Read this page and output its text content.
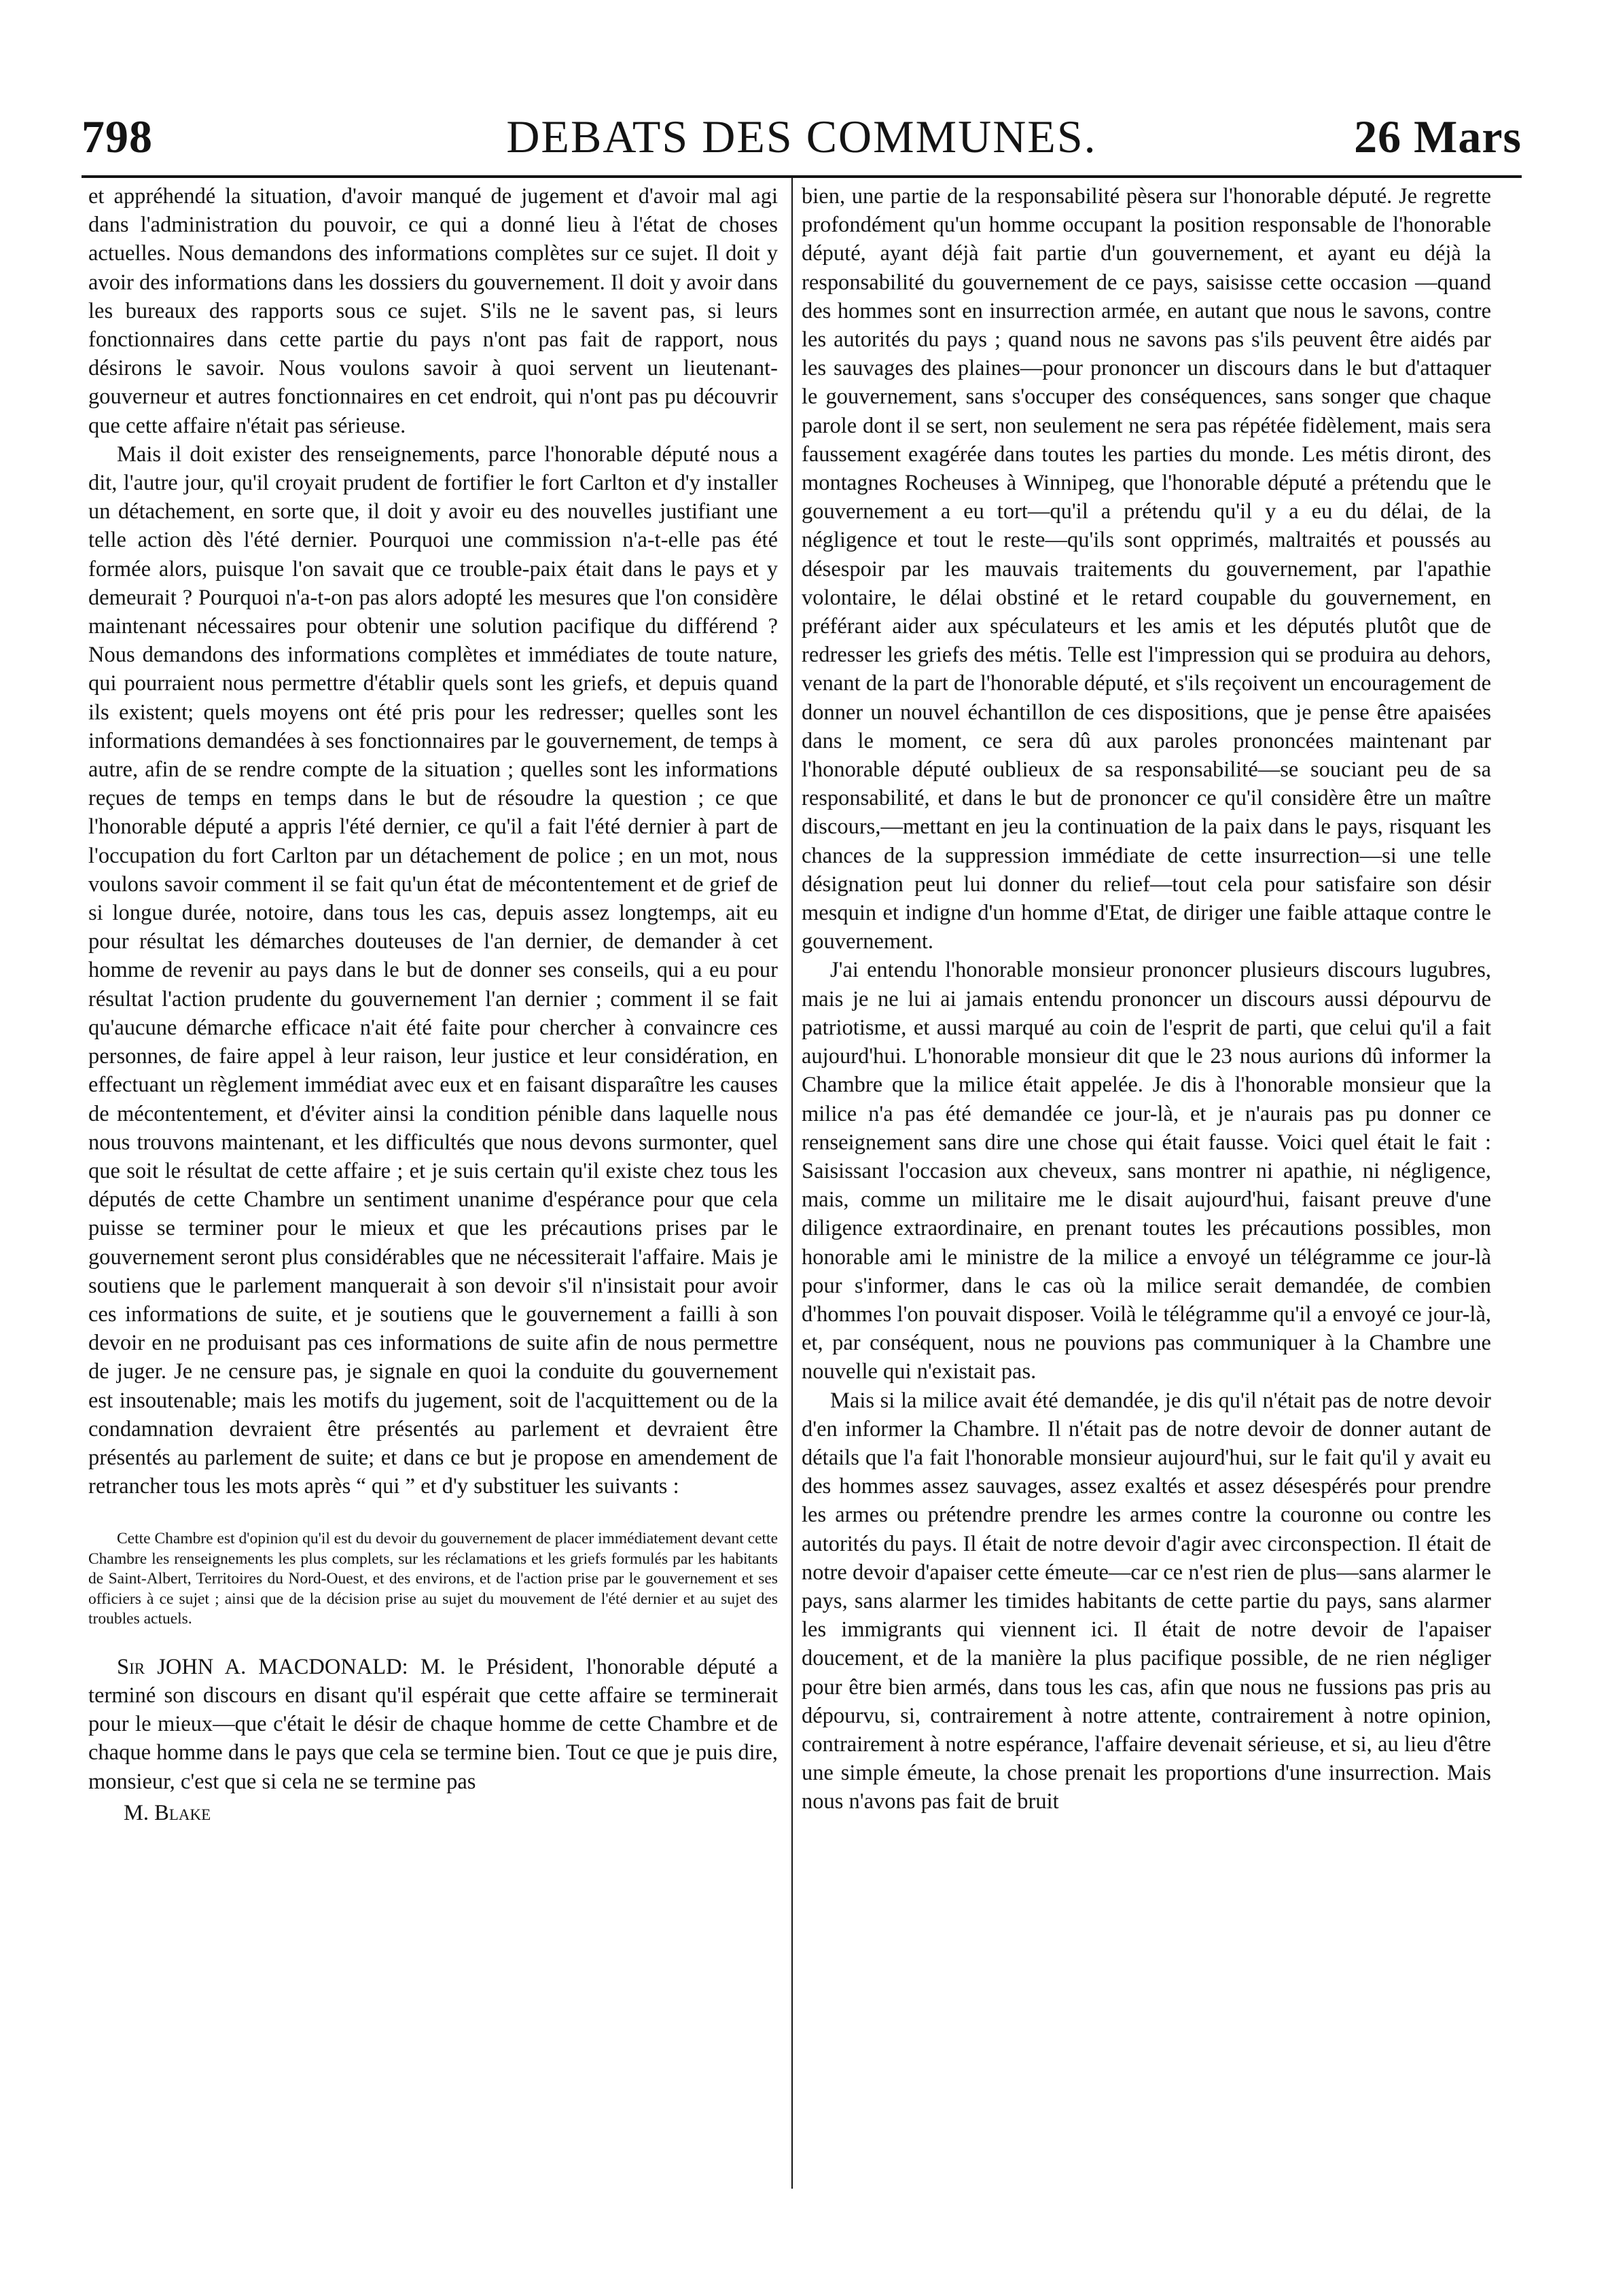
798	DEBATS DES COMMUNES.	26 Mars

et appréhendé la situation, d'avoir manqué de jugement et d'avoir mal agi dans l'administration du pouvoir, ce qui a donné lieu à l'état de choses actuelles. Nous demandons des informations complètes sur ce sujet. Il doit y avoir des informations dans les dossiers du gouvernement. Il doit y avoir dans les bureaux des rapports sous ce sujet. S'ils ne le savent pas, si leurs fonctionnaires dans cette partie du pays n'ont pas fait de rapport, nous désirons le savoir. Nous voulons savoir à quoi servent un lieutenant-gouverneur et autres fonctionnaires en cet endroit, qui n'ont pas pu découvrir que cette affaire n'était pas sérieuse.

Mais il doit exister des renseignements, parce l'honorable député nous a dit, l'autre jour, qu'il croyait prudent de fortifier le fort Carlton et d'y installer un détachement, en sorte que, il doit y avoir eu des nouvelles justifiant une telle action dès l'été dernier. Pourquoi une commission n'a-t-elle pas été formée alors, puisque l'on savait que ce trouble-paix était dans le pays et y demeurait ? Pourquoi n'a-t-on pas alors adopté les mesures que l'on considère maintenant nécessaires pour obtenir une solution pacifique du différend ? Nous demandons des informations complètes et immédiates de toute nature, qui pourraient nous permettre d'établir quels sont les griefs, et depuis quand ils existent; quels moyens ont été pris pour les redresser; quelles sont les informations demandées à ses fonctionnaires par le gouvernement, de temps à autre, afin de se rendre compte de la situation ; quelles sont les informations reçues de temps en temps dans le but de résoudre la question ; ce que l'honorable député a appris l'été dernier, ce qu'il a fait l'été dernier à part de l'occupation du fort Carlton par un détachement de police ; en un mot, nous voulons savoir comment il se fait qu'un état de mécontentement et de grief de si longue durée, notoire, dans tous les cas, depuis assez longtemps, ait eu pour résultat les démarches douteuses de l'an dernier, de demander à cet homme de revenir au pays dans le but de donner ses conseils, qui a eu pour résultat l'action prudente du gouvernement l'an dernier ; comment il se fait qu'aucune démarche efficace n'ait été faite pour chercher à convaincre ces personnes, de faire appel à leur raison, leur justice et leur considération, en effectuant un règlement immédiat avec eux et en faisant disparaître les causes de mécontentement, et d'éviter ainsi la condition pénible dans laquelle nous nous trouvons maintenant, et les difficultés que nous devons surmonter, quel que soit le résultat de cette affaire ; et je suis certain qu'il existe chez tous les députés de cette Chambre un sentiment unanime d'espérance pour que cela puisse se terminer pour le mieux et que les précautions prises par le gouvernement seront plus considérables que ne nécessiterait l'affaire. Mais je soutiens que le parlement manquerait à son devoir s'il n'insistait pour avoir ces informations de suite, et je soutiens que le gouvernement a failli à son devoir en ne produisant pas ces informations de suite afin de nous permettre de juger. Je ne censure pas, je signale en quoi la conduite du gouvernement est insoutenable; mais les motifs du jugement, soit de l'acquittement ou de la condamnation devraient être présentés au parlement et devraient être présentés au parlement de suite; et dans ce but je propose en amendement de retrancher tous les mots après “ qui ” et d'y substituer les suivants :

Cette Chambre est d'opinion qu'il est du devoir du gouvernement de placer immédiatement devant cette Chambre les renseignements les plus complets, sur les réclamations et les griefs formulés par les habitants de Saint-Albert, Territoires du Nord-Ouest, et des environs, et de l'action prise par le gouvernement et ses officiers à ce sujet ; ainsi que de la décision prise au sujet du mouvement de l'été dernier et au sujet des troubles actuels.

Sir JOHN A. MACDONALD: M. le Président, l'honorable député a terminé son discours en disant qu'il espérait que cette affaire se terminerait pour le mieux—que c'était le désir de chaque homme de cette Chambre et de chaque homme dans le pays que cela se termine bien. Tout ce que je puis dire, monsieur, c'est que si cela ne se termine pas

M. Blake

bien, une partie de la responsabilité pèsera sur l'honorable député. Je regrette profondément qu'un homme occupant la position responsable de l'honorable député, ayant déjà fait partie d'un gouvernement, et ayant eu déjà la responsabilité du gouvernement de ce pays, saisisse cette occasion —quand des hommes sont en insurrection armée, en autant que nous le savons, contre les autorités du pays ; quand nous ne savons pas s'ils peuvent être aidés par les sauvages des plaines—pour prononcer un discours dans le but d'attaquer le gouvernement, sans s'occuper des conséquences, sans songer que chaque parole dont il se sert, non seulement ne sera pas répétée fidèlement, mais sera faussement exagérée dans toutes les parties du monde. Les métis diront, des montagnes Rocheuses à Winnipeg, que l'honorable député a prétendu que le gouvernement a eu tort—qu'il a prétendu qu'il y a eu du délai, de la négligence et tout le reste—qu'ils sont opprimés, maltraités et poussés au désespoir par les mauvais traitements du gouvernement, par l'apathie volontaire, le délai obstiné et le retard coupable du gouvernement, en préférant aider aux spéculateurs et les amis et les députés plutôt que de redresser les griefs des métis. Telle est l'impression qui se produira au dehors, venant de la part de l'honorable député, et s'ils reçoivent un encouragement de donner un nouvel échantillon de ces dispositions, que je pense être apaisées dans le moment, ce sera dû aux paroles prononcées maintenant par l'honorable député oublieux de sa responsabilité—se souciant peu de sa responsabilité, et dans le but de prononcer ce qu'il considère être un maître discours,—mettant en jeu la continuation de la paix dans le pays, risquant les chances de la suppression immédiate de cette insurrection—si une telle désignation peut lui donner du relief—tout cela pour satisfaire son désir mesquin et indigne d'un homme d'Etat, de diriger une faible attaque contre le gouvernement.

J'ai entendu l'honorable monsieur prononcer plusieurs discours lugubres, mais je ne lui ai jamais entendu prononcer un discours aussi dépourvu de patriotisme, et aussi marqué au coin de l'esprit de parti, que celui qu'il a fait aujourd'hui. L'honorable monsieur dit que le 23 nous aurions dû informer la Chambre que la milice était appelée. Je dis à l'honorable monsieur que la milice n'a pas été demandée ce jour-là, et je n'aurais pas pu donner ce renseignement sans dire une chose qui était fausse. Voici quel était le fait : Saisissant l'occasion aux cheveux, sans montrer ni apathie, ni négligence, mais, comme un militaire me le disait aujourd'hui, faisant preuve d'une diligence extraordinaire, en prenant toutes les précautions possibles, mon honorable ami le ministre de la milice a envoyé un télégramme ce jour-là pour s'informer, dans le cas où la milice serait demandée, de combien d'hommes l'on pouvait disposer. Voilà le télégramme qu'il a envoyé ce jour-là, et, par conséquent, nous ne pouvions pas communiquer à la Chambre une nouvelle qui n'existait pas.

Mais si la milice avait été demandée, je dis qu'il n'était pas de notre devoir d'en informer la Chambre. Il n'était pas de notre devoir de donner autant de détails que l'a fait l'honorable monsieur aujourd'hui, sur le fait qu'il y avait eu des hommes assez sauvages, assez exaltés et assez désespérés pour prendre les armes ou prétendre prendre les armes contre la couronne ou contre les autorités du pays. Il était de notre devoir d'agir avec circonspection. Il était de notre devoir d'apaiser cette émeute—car ce n'est rien de plus—sans alarmer le pays, sans alarmer les timides habitants de cette partie du pays, sans alarmer les immigrants qui viennent ici. Il était de notre devoir de l'apaiser doucement, et de la manière la plus pacifique possible, de ne rien négliger pour être bien armés, dans tous les cas, afin que nous ne fussions pas pris au dépourvu, si, contrairement à notre attente, contrairement à notre opinion, contrairement à notre espérance, l'affaire devenait sérieuse, et si, au lieu d'être une simple émeute, la chose prenait les proportions d'une insurrection. Mais nous n'avons pas fait de bruit
